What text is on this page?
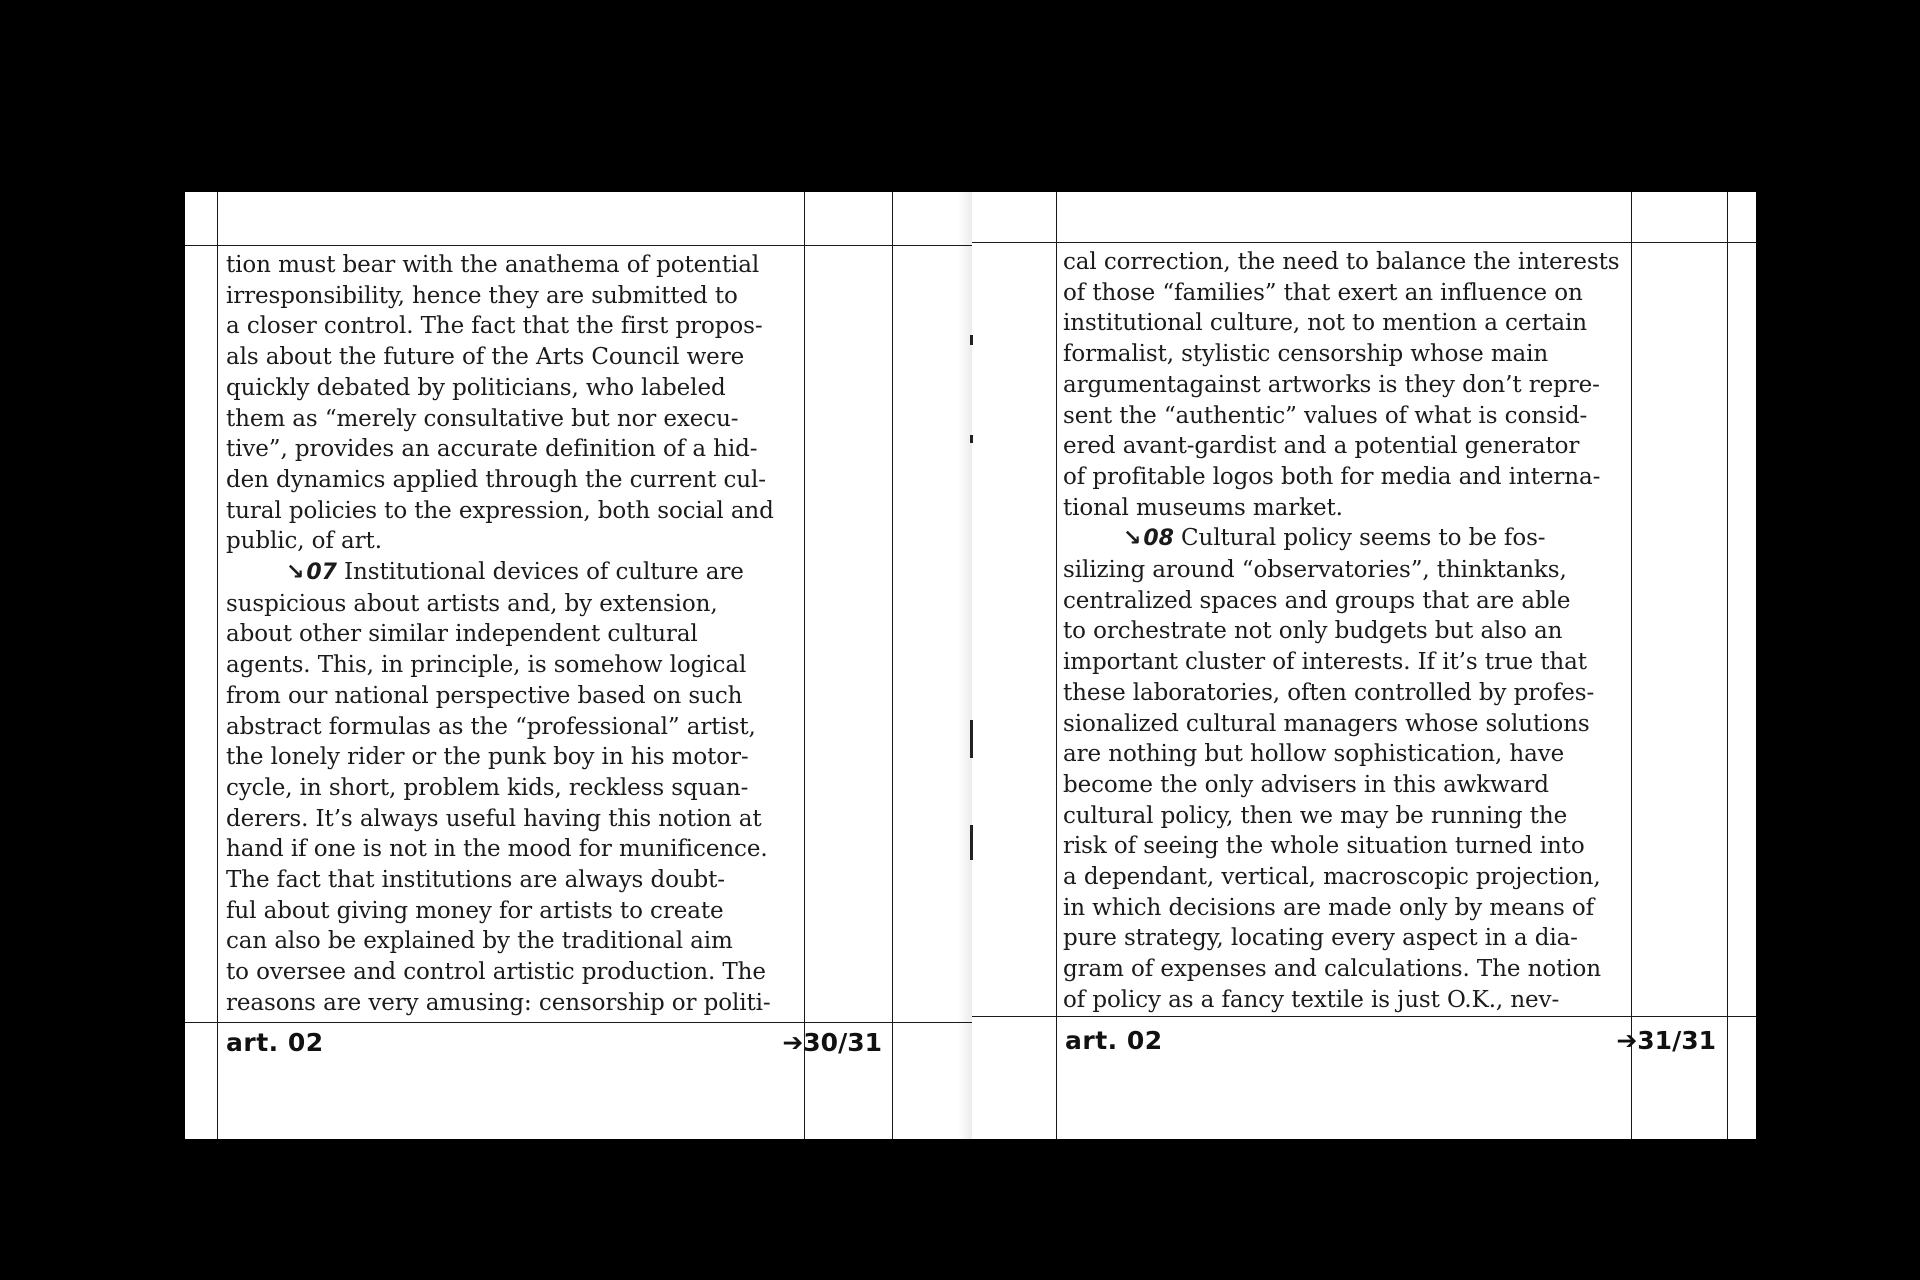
tion must bear with the anathema of potential
irresponsibility, hence they are submitted to
a closer control. The fact that the first propos-
als about the future of the Arts Council were
quickly debated by politicians, who labeled
them as “merely consultative but nor execu-
tive”, provides an accurate definition of a hid-
den dynamics applied through the current cul-
tural policies to the expression, both social and
public, of art.
↘ 07 Institutional devices of culture are
suspicious about artists and, by extension,
about other similar independent cultural
agents. This, in principle, is somehow logical
from our national perspective based on such
abstract formulas as the “professional” artist,
the lonely rider or the punk boy in his motor-
cycle, in short, problem kids, reckless squan-
derers. It’s always useful having this notion at
hand if one is not in the mood for munificence.
The fact that institutions are always doubt-
ful about giving money for artists to create
can also be explained by the traditional aim
to oversee and control artistic production. The
reasons are very amusing: censorship or politi-
art. 02	➔30/31
cal correction, the need to balance the interests
of those “families” that exert an influence on
institutional culture, not to mention a certain
formalist, stylistic censorship whose main
argumentagainst artworks is they don’t repre-
sent the “authentic” values of what is consid-
ered avant-gardist and a potential generator
of profitable logos both for media and interna-
tional museums market.
↘ 08 Cultural policy seems to be fos-
silizing around “observatories”, thinktanks,
centralized spaces and groups that are able
to orchestrate not only budgets but also an
important cluster of interests. If it’s true that
these laboratories, often controlled by profes-
sionalized cultural managers whose solutions
are nothing but hollow sophistication, have
become the only advisers in this awkward
cultural policy, then we may be running the
risk of seeing the whole situation turned into
a dependant, vertical, macroscopic projection,
in which decisions are made only by means of
pure strategy, locating every aspect in a dia-
gram of expenses and calculations. The notion
of policy as a fancy textile is just O.K., nev-
art. 02	➔31/31
